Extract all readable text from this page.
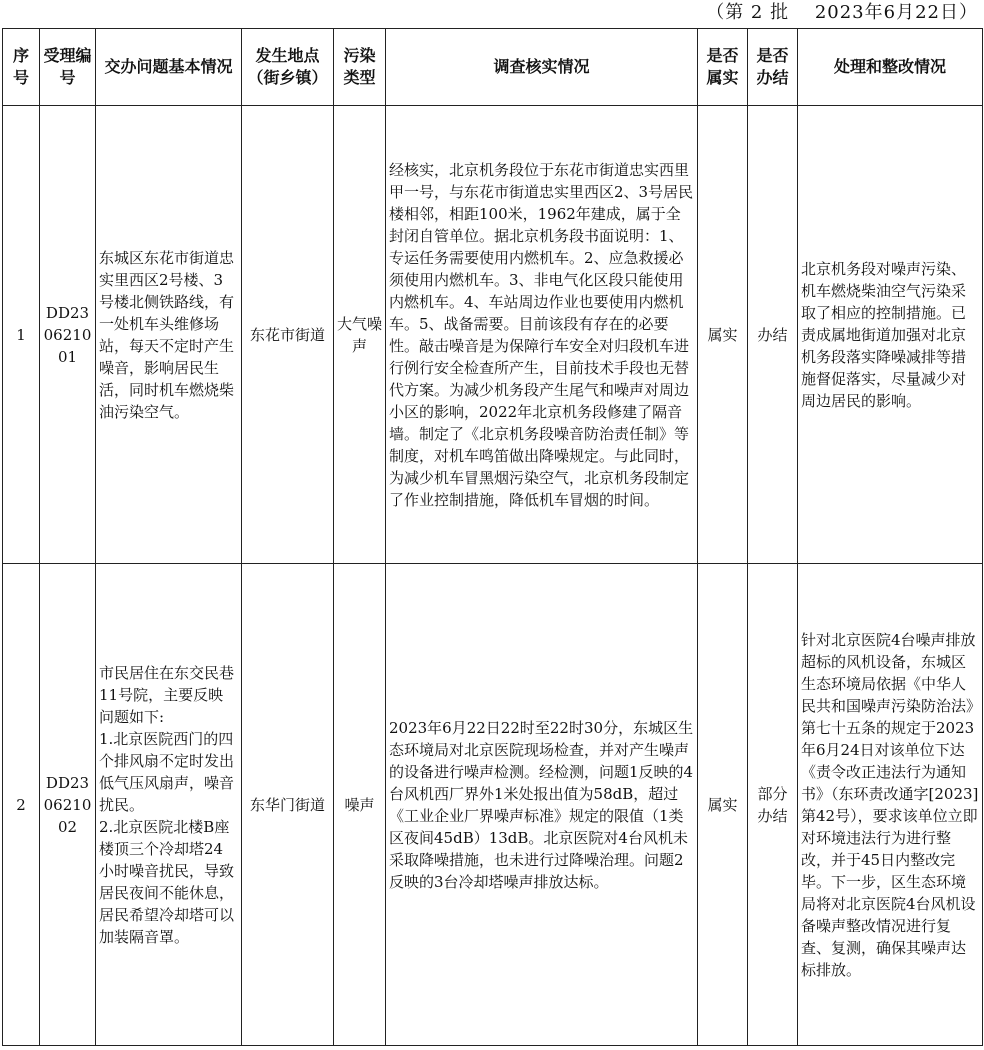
（第 2 批　 2023年6月22日）
序号	受理编号	交办问题基本情况	发生地点（街乡镇）	污染类型	调查核实情况	是否属实	是否办结	处理和整改情况
1	DD230621001	东城区东花市街道忠实里西区2号楼、3号楼北侧铁路线，有一处机车头维修场站，每天不定时产生噪音，影响居民生活，同时机车燃烧柴油污染空气。	东花市街道	大气噪声	经核实，北京机务段位于东花市街道忠实西里甲一号，与东花市街道忠实里西区2、3号居民楼相邻，相距100米，1962年建成，属于全封闭自管单位。据北京机务段书面说明：1、专运任务需要使用内燃机车。2、应急救援必须使用内燃机车。3、非电气化区段只能使用内燃机车。4、车站周边作业也要使用内燃机车。5、战备需要。目前该段有存在的必要性。敲击噪音是为保障行车安全对归段机车进行例行安全检查所产生，目前技术手段也无替代方案。为减少机务段产生尾气和噪声对周边小区的影响，2022年北京机务段修建了隔音墙。制定了《北京机务段噪音防治责任制》等制度，对机车鸣笛做出降噪规定。与此同时，为减少机车冒黑烟污染空气，北京机务段制定了作业控制措施，降低机车冒烟的时间。	属实	办结	北京机务段对噪声污染、机车燃烧柴油空气污染采取了相应的控制措施。已责成属地街道加强对北京机务段落实降噪减排等措施督促落实，尽量减少对周边居民的影响。
2	DD230621002	市民居住在东交民巷11号院，主要反映问题如下:
1.北京医院西门的四个排风扇不定时发出低气压风扇声，噪音扰民。
2.北京医院北楼B座楼顶三个冷却塔24小时噪音扰民，导致居民夜间不能休息，居民希望冷却塔可以加装隔音罩。	东华门街道	噪声	2023年6月22日22时至22时30分，东城区生态环境局对北京医院现场检查，并对产生噪声的设备进行噪声检测。经检测，问题1反映的4台风机西厂界外1米处报出值为58dB，超过《工业企业厂界噪声标准》规定的限值（1类区夜间45dB）13dB。北京医院对4台风机未采取降噪措施，也未进行过降噪治理。问题2反映的3台冷却塔噪声排放达标。	属实	部分办结	针对北京医院4台噪声排放超标的风机设备，东城区生态环境局依据《中华人民共和国噪声污染防治法》第七十五条的规定于2023年6月24日对该单位下达《责令改正违法行为通知书》（东环责改通字[2023]第42号），要求该单位立即对环境违法行为进行整改，并于45日内整改完毕。下一步，区生态环境局将对北京医院4台风机设备噪声整改情况进行复查、复测，确保其噪声达标排放。
